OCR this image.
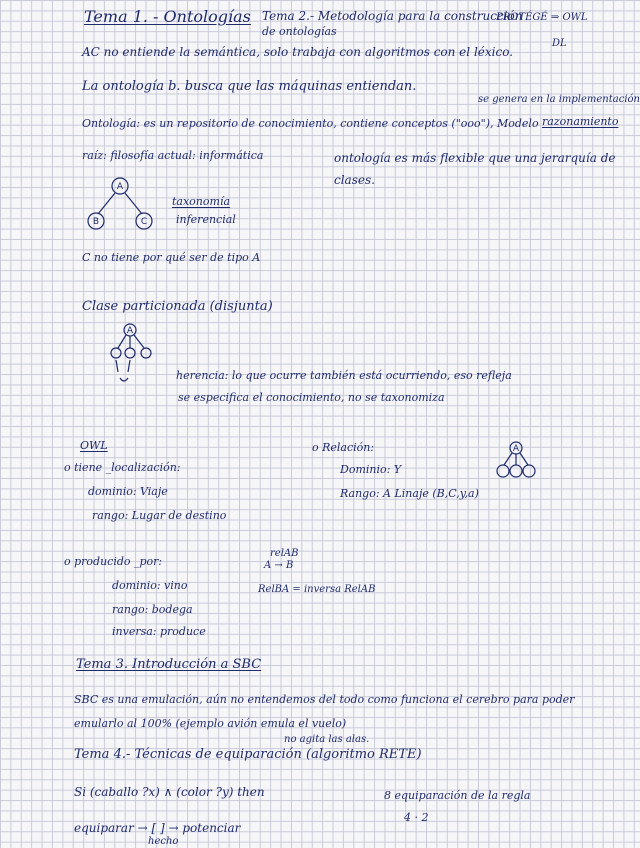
Tema 1. - Ontologías Tema 2.- Metodología para la construcción
de ontologías
PROTÉGÉ ⇒ OWL
DL
AC no entiende la semántica, solo trabaja con algoritmos con el léxico.
La ontología b. busca que las máquinas entiendan.
se genera en la implementación
Ontología: es un repositorio de conocimiento, contiene conceptos ("ooo"), Modelo razonamiento
raíz: filosofía actual: informática	ontología es más flexible que una jerarquía de
clases.
A
B	C
taxonomía
inferencial
C no tiene por qué ser de tipo A
Clase particionada (disjunta)
A
herencia: lo que ocurre también está ocurriendo, eso refleja
se especifica el conocimiento, no se taxonomiza
OWL
o tiene _localización:
dominio: Viaje
rango: Lugar de destino
o Relación:
Dominio: Y
Rango: A Linaje (B,C,y,a)
A
o producido _por:
dominio: vino
rango: bodega
inversa: produce
relAB
A → B
RelBA = inversa RelAB
Tema 3. Introducción a SBC
SBC es una emulación, aún no entendemos del todo como funciona el cerebro para poder
emularlo al 100% (ejemplo avión emula el vuelo)
no agita las alas.
Tema 4.- Técnicas de equiparación (algoritmo RETE)
Si (caballo ?x) ∧ (color ?y) then	8 equiparación de la regla
4 · 2
equiparar → [ ] → potenciar
hecho
